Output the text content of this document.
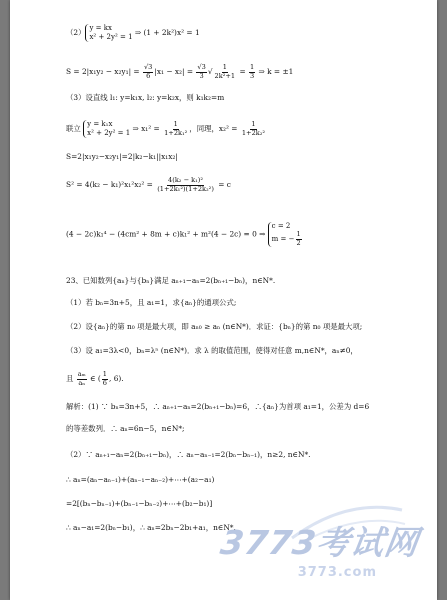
（2） y = kx
x² + 2y² = 1 ⇒ (1 + 2k²)x² = 1
$S = 2|x_1y_2 - x_2y_1| = \frac{√3}{6} |x_1 - x_2| = \frac{√3}{3}$ √ $\frac{1}{\text{2k²+1}} = \frac{1}{3}$ ⇒ k = ±1
（3）设直线 l₁: y=k₁x, l₂: y=k₂x，则 k₁k₂=m
联立 y = k₁x
x² + 2y² = 1 ⇒ $x_1^2 = \frac{1}{\text{1+2k₁²}}$ ，同理，$x_2^2 = \frac{1}{\text{1+2k₂²}}$
S=2|x₁y₂−x₂y₁|=2|k₂−k₁||x₁x₂|
$S^2 = 4(k_2 - k_1)^2x_1^2x_2^2 = \frac{\text{4(k₂ − k₁)²}}{\text{(1+2k₁²)(1+2k₂²)}} = c$
(4 − 2c)k₁⁴ − (4cm² + 8m + c)k₁² + m²(4 − 2c) = 0 ⇒ c = 2
m = − $\frac{1}{2}$
23、已知数列{aₙ}与{bₙ}满足 aₙ₊₁−aₙ=2(bₙ₊₁−bₙ)，n∈N*.
（1）若 bₙ=3n+5，且 a₁=1，求{aₙ}的通项公式;
（2）设{aₙ}的第 n₀ 项是最大项，即 aₙ₀ ≥ aₙ (n∈N*)．求证：{bₙ}的第 n₀ 项是最大项;
（3）设 a₁=3λ<0，bₙ=λⁿ (n∈N*)．求 λ 的取值范围，使得对任意 m,n∈N*，aₙ≠0，
且 $\frac{\text{aₘ}}{\text{aₙ}}$ ∈ ( $\frac{1}{6}$ , 6).
解析：(1) ∵ bₙ=3n+5，∴ aₙ₊₁−aₙ=2(bₙ₊₁−bₙ)=6，∴{aₙ}为首项 a₁=1，公差为 d=6
的等差数列．∴ aₙ=6n−5，n∈N*;
（2）∵ aₙ₊₁−aₙ=2(bₙ₊₁−bₙ)，∴ aₙ−aₙ₋₁=2(bₙ−bₙ₋₁)，n≥2, n∈N*.
∴ aₙ=(aₙ−aₙ₋₁)+(aₙ₋₁−aₙ₋₂)+⋯+(a₂−a₁)
=2[(bₙ−bₙ₋₁)+(bₙ₋₁−bₙ₋₂)+⋯+(b₂−b₁)]
∴ aₙ−a₁=2(bₙ−b₁)，∴ aₙ=2bₙ−2b₁+a₁，n∈N*.
3773考试网
3773.com
